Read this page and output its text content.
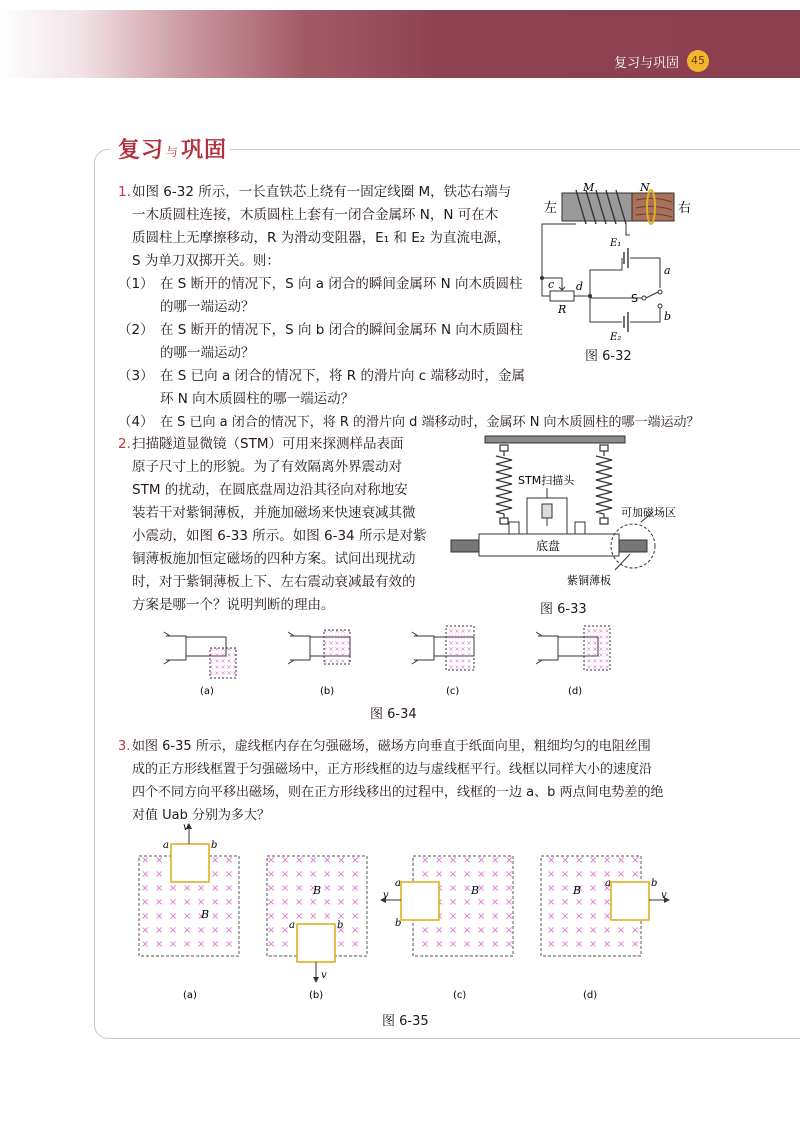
复习与巩固	45
复习 与巩固
1. 如图 6-32 所示，一长直铁芯上绕有一固定线圈 M，铁芯右端与
一木质圆柱连接，木质圆柱上套有一闭合金属环 N，N 可在木
质圆柱上无摩擦移动，R 为滑动变阻器，E₁ 和 E₂ 为直流电源，
S 为单刀双掷开关。则：
（1） 在 S 断开的情况下，S 向 a 闭合的瞬间金属环 N 向木质圆柱
的哪一端运动？
（2） 在 S 断开的情况下，S 向 b 闭合的瞬间金属环 N 向木质圆柱
的哪一端运动？
（3） 在 S 已向 a 闭合的情况下，将 R 的滑片向 c 端移动时，金属
环 N 向木质圆柱的哪一端运动？
（4） 在 S 已向 a 闭合的情况下，将 R 的滑片向 d 端移动时，金属环 N 向木质圆柱的哪一端运动？
M	N
左	右
E₁
E₂
S
a
b
c d
R
图 6-32
2. 扫描隧道显微镜（STM）可用来探测样品表面
原子尺寸上的形貌。为了有效隔离外界震动对
STM 的扰动，在圆底盘周边沿其径向对称地安
装若干对紫铜薄板，并施加磁场来快速衰减其微
小震动，如图 6-33 所示。如图 6-34 所示是对紫
铜薄板施加恒定磁场的四种方案。试问出现扰动
时，对于紫铜薄板上下、左右震动衰减最有效的
方案是哪一个？说明判断的理由。
STM扫描头
底盘
可加磁场区
紫铜薄板
图 6-33
(a)	(b)	(c)	(d)
图 6-34
3. 如图 6-35 所示，虚线框内存在匀强磁场，磁场方向垂直于纸面向里，粗细均匀的电阻丝围
成的正方形线框置于匀强磁场中，正方形线框的边与虚线框平行。线框以同样大小的速度沿
四个不同方向平移出磁场，则在正方形线移出的过程中，线框的一边 a、b 两点间电势差的绝
对值 Uab 分别为多大？
v
a	b
B
v
a	b
B	v
a
b
B	v
b
a
B
(a)	(b)	(c)	(d)
图 6-35
